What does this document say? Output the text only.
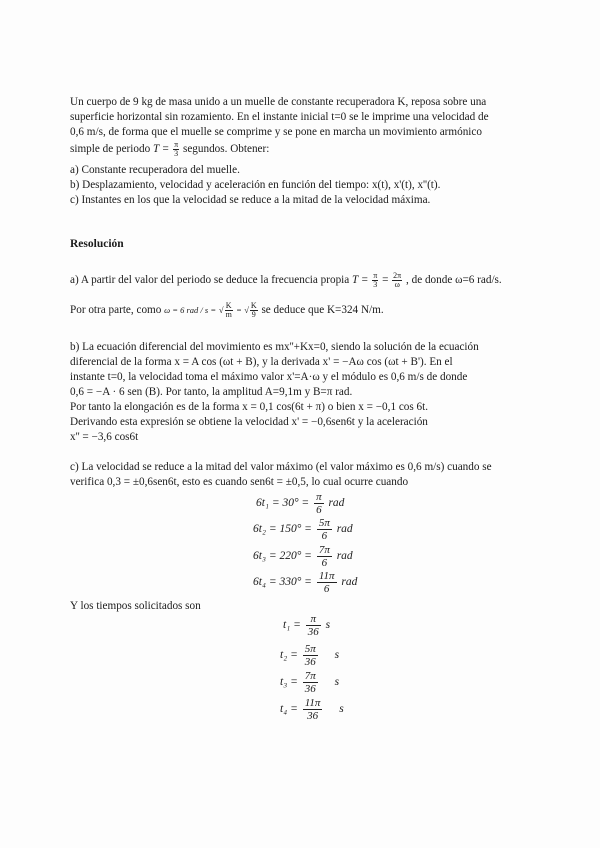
Un cuerpo de 9 kg de masa unido a un muelle de constante recuperadora K, reposa sobre una
superficie horizontal sin rozamiento. En el instante inicial t=0 se le imprime una velocidad de
0,6 m/s, de forma que el muelle se comprime y se pone en marcha un movimiento armónico
simple de periodo $T = \frac{\pi}{3}$ segundos. Obtener:
a) Constante recuperadora del muelle.
b) Desplazamiento, velocidad y aceleración en función del tiempo: x(t), x'(t), x''(t).
c) Instantes en los que la velocidad se reduce a la mitad de la velocidad máxima.
Resolución
a) A partir del valor del periodo se deduce la frecuencia propia $T = \frac{\pi}{3} = \frac{2\pi}{\omega}$ , de donde ω=6 rad/s.
Por otra parte, como ω = 6 rad / s = √ $\frac{K}{m}$ = √ $\frac{K}{9}$ se deduce que K=324 N/m.
b) La ecuación diferencial del movimiento es mx''+Kx=0, siendo la solución de la ecuación
diferencial de la forma x = A cos (ωt + B), y la derivada x' = −Aω cos (ωt + B'). En el
instante t=0, la velocidad toma el máximo valor x'=A·ω y el módulo es 0,6 m/s de donde
0,6 = −A · 6 sen (B). Por tanto, la amplitud A=9,1m y B=π rad.
Por tanto la elongación es de la forma x = 0,1 cos(6t + π) o bien x = −0,1 cos 6t.
Derivando esta expresión se obtiene la velocidad x' = −0,6sen6t y la aceleración
x'' = −3,6 cos6t
c) La velocidad se reduce a la mitad del valor máximo (el valor máximo es 0,6 m/s) cuando se
verifica 0,3 = ±0,6sen6t, esto es cuando sen6t = ±0,5, lo cual ocurre cuando
$6t_1 = 30^\circ = \frac{\pi}{6}$ rad
$6t_2 = 150^\circ = \frac{5\pi}{6}$ rad
$6t_3 = 220^\circ = \frac{7\pi}{6}$ rad
$6t_4 = 330^\circ = \frac{11\pi}{6}$ rad
Y los tiempos solicitados son
$t_1 = \frac{\pi}{36}$ s
$t_2 = \frac{5\pi}{36}$ s
$t_3 = \frac{7\pi}{36}$ s
$t_4 = \frac{11\pi}{36}$ s
